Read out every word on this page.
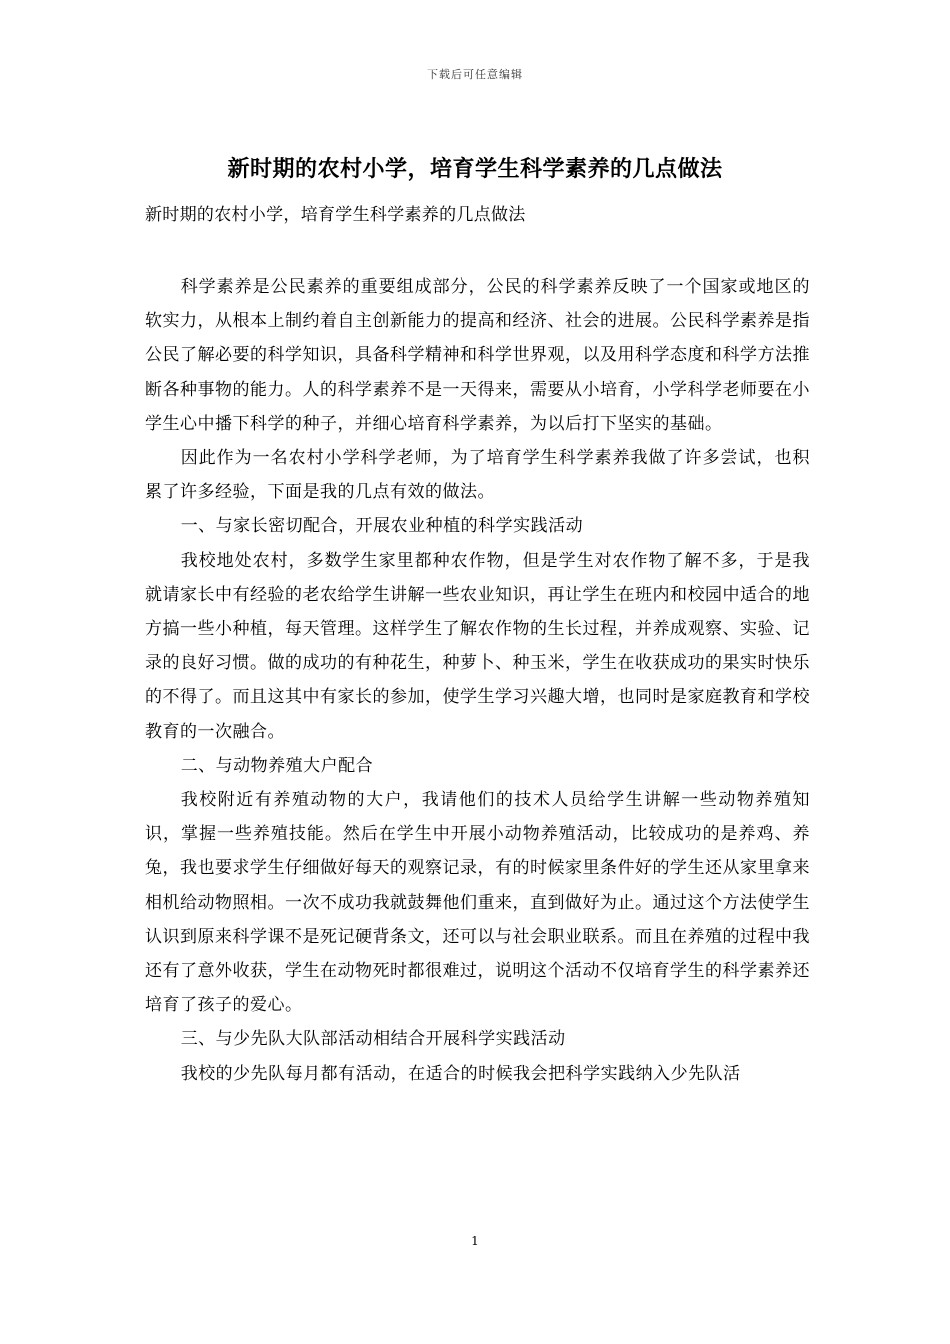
下载后可任意编辑
新时期的农村小学，培育学生科学素养的几点做法
新时期的农村小学，培育学生科学素养的几点做法

科学素养是公民素养的重要组成部分，公民的科学素养反映了一个国家或地区的软实力，从根本上制约着自主创新能力的提高和经济、社会的进展。公民科学素养是指公民了解必要的科学知识，具备科学精神和科学世界观，以及用科学态度和科学方法推断各种事物的能力。人的科学素养不是一天得来，需要从小培育，小学科学老师要在小学生心中播下科学的种子，并细心培育科学素养，为以后打下坚实的基础。

因此作为一名农村小学科学老师，为了培育学生科学素养我做了许多尝试，也积累了许多经验，下面是我的几点有效的做法。

一、与家长密切配合，开展农业种植的科学实践活动

我校地处农村，多数学生家里都种农作物，但是学生对农作物了解不多，于是我就请家长中有经验的老农给学生讲解一些农业知识，再让学生在班内和校园中适合的地方搞一些小种植，每天管理。这样学生了解农作物的生长过程，并养成观察、实验、记录的良好习惯。做的成功的有种花生，种萝卜、种玉米，学生在收获成功的果实时快乐的不得了。而且这其中有家长的参加，使学生学习兴趣大增，也同时是家庭教育和学校教育的一次融合。

二、与动物养殖大户配合

我校附近有养殖动物的大户，我请他们的技术人员给学生讲解一些动物养殖知识，掌握一些养殖技能。然后在学生中开展小动物养殖活动，比较成功的是养鸡、养兔，我也要求学生仔细做好每天的观察记录，有的时候家里条件好的学生还从家里拿来相机给动物照相。一次不成功我就鼓舞他们重来，直到做好为止。通过这个方法使学生认识到原来科学课不是死记硬背条文，还可以与社会职业联系。而且在养殖的过程中我还有了意外收获，学生在动物死时都很难过，说明这个活动不仅培育学生的科学素养还培育了孩子的爱心。

三、与少先队大队部活动相结合开展科学实践活动

我校的少先队每月都有活动，在适合的时候我会把科学实践纳入少先队活

1
